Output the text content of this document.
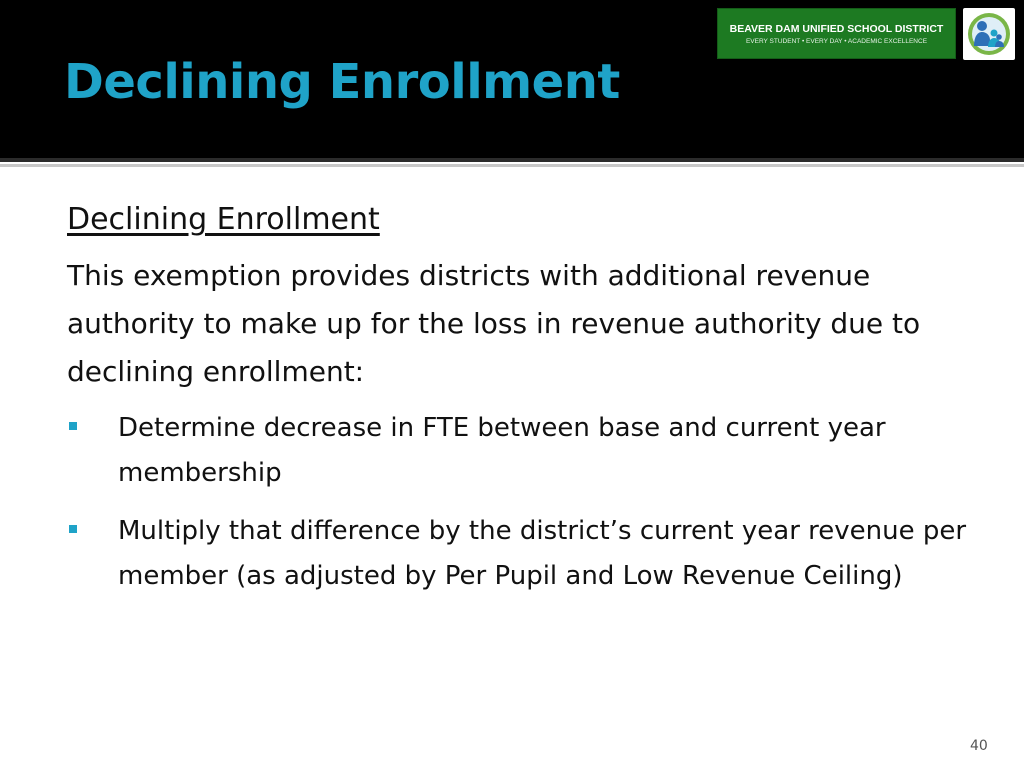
Declining Enrollment
BEAVER DAM UNIFIED SCHOOL DISTRICT
EVERY STUDENT • EVERY DAY • ACADEMIC EXCELLENCE
Declining Enrollment
This exemption provides districts with additional revenue authority to make up for the loss in revenue authority due to declining enrollment:
Determine decrease in FTE between base and current year membership
Multiply that difference by the district’s current year revenue per member (as adjusted by Per Pupil and Low Revenue Ceiling)
40
